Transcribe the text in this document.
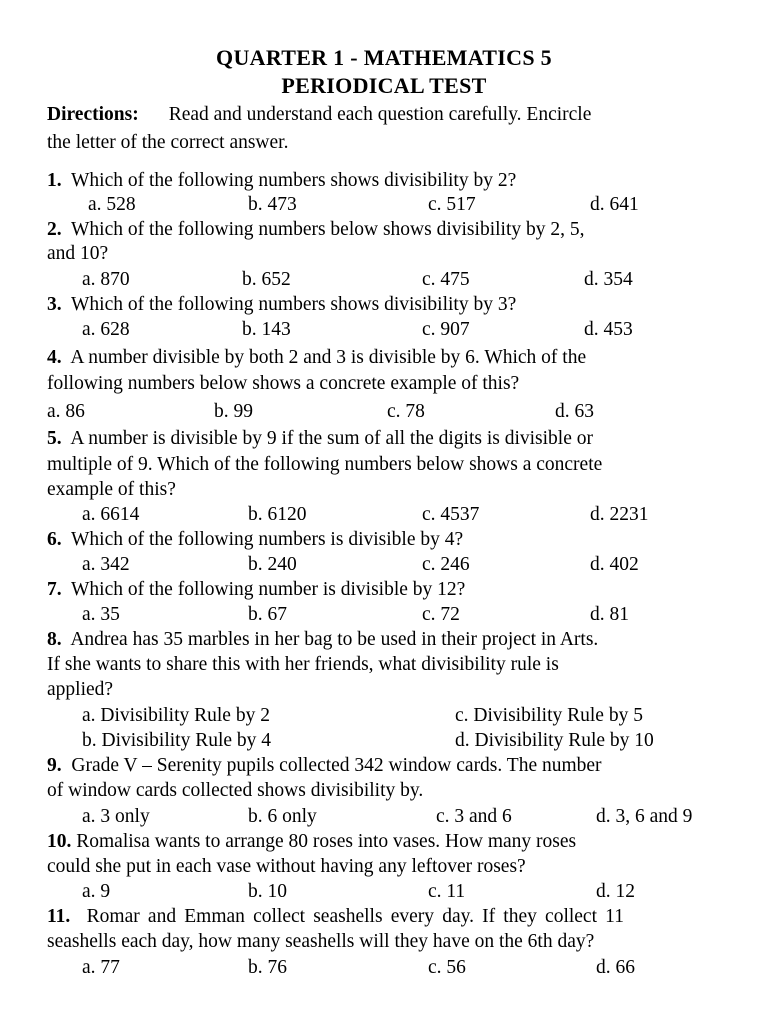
QUARTER 1 - MATHEMATICS 5
PERIODICAL TEST
Directions: Read and understand each question carefully. Encircle
the letter of the correct answer.
1. Which of the following numbers shows divisibility by 2?
a. 528	b. 473	c. 517	d. 641
2. Which of the following numbers below shows divisibility by 2, 5,
and 10?
a. 870	b. 652	c. 475	d. 354
3. Which of the following numbers shows divisibility by 3?
a. 628	b. 143	c. 907	d. 453
4. A number divisible by both 2 and 3 is divisible by 6. Which of the
following numbers below shows a concrete example of this?
a. 86	b. 99	c. 78	d. 63
5. A number is divisible by 9 if the sum of all the digits is divisible or
multiple of 9. Which of the following numbers below shows a concrete
example of this?
a. 6614	b. 6120	c. 4537	d. 2231
6. Which of the following numbers is divisible by 4?
a. 342	b. 240	c. 246	d. 402
7. Which of the following number is divisible by 12?
a. 35	b. 67	c. 72	d. 81
8. Andrea has 35 marbles in her bag to be used in their project in Arts.
If she wants to share this with her friends, what divisibility rule is
applied?
a. Divisibility Rule by 2	c. Divisibility Rule by 5
b. Divisibility Rule by 4	d. Divisibility Rule by 10
9. Grade V – Serenity pupils collected 342 window cards. The number
of window cards collected shows divisibility by.
a. 3 only	b. 6 only	c. 3 and 6	d. 3, 6 and 9
10. Romalisa wants to arrange 80 roses into vases. How many roses
could she put in each vase without having any leftover roses?
a. 9	b. 10	c. 11	d. 12
11. Romar and Emman collect seashells every day. If they collect 11
seashells each day, how many seashells will they have on the 6th day?
a. 77	b. 76	c. 56	d. 66
